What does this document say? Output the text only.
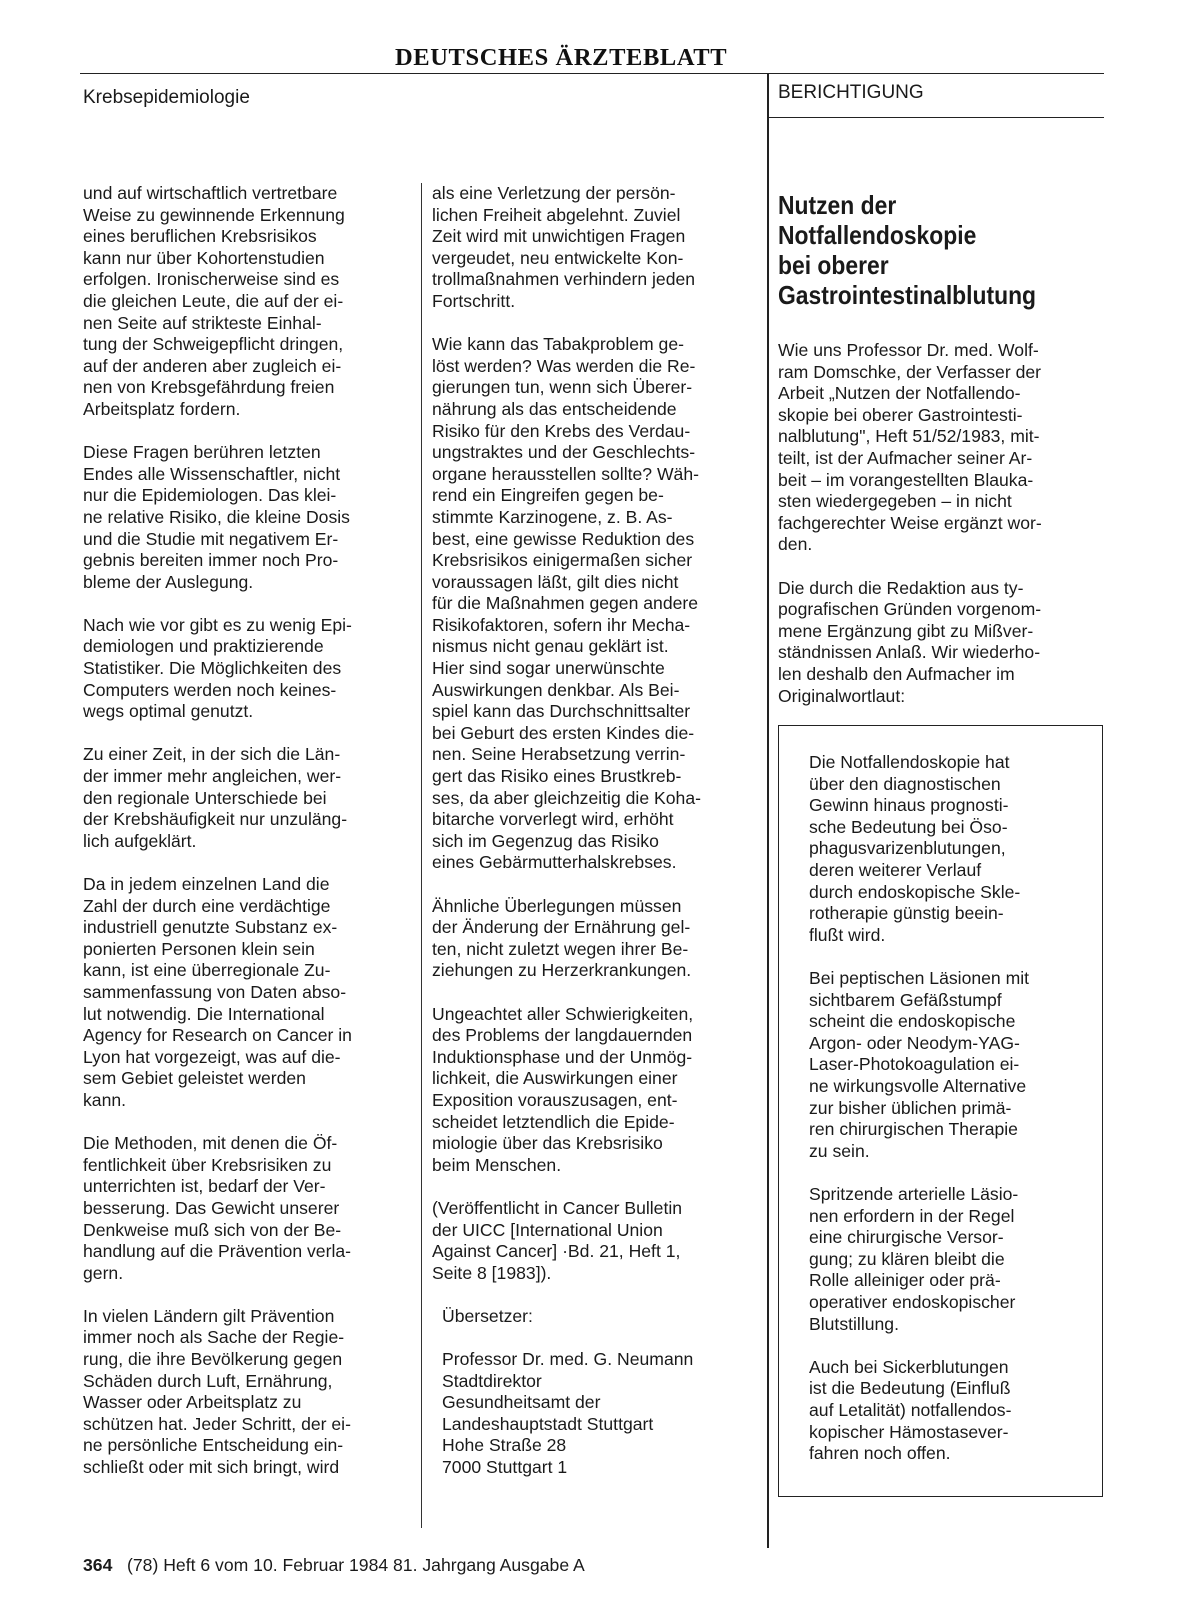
DEUTSCHES ÄRZTEBLATT
Krebsepidemiologie	BERICHTIGUNG

und auf wirtschaftlich vertretbare
Weise zu gewinnende Erkennung
eines beruflichen Krebsrisikos
kann nur über Kohortenstudien
erfolgen. Ironischerweise sind es
die gleichen Leute, die auf der ei-
nen Seite auf strikteste Einhal-
tung der Schweigepflicht dringen,
auf der anderen aber zugleich ei-
nen von Krebsgefährdung freien
Arbeitsplatz fordern.

Diese Fragen berühren letzten
Endes alle Wissenschaftler, nicht
nur die Epidemiologen. Das klei-
ne relative Risiko, die kleine Dosis
und die Studie mit negativem Er-
gebnis bereiten immer noch Pro-
bleme der Auslegung.

Nach wie vor gibt es zu wenig Epi-
demiologen und praktizierende
Statistiker. Die Möglichkeiten des
Computers werden noch keines-
wegs optimal genutzt.

Zu einer Zeit, in der sich die Län-
der immer mehr angleichen, wer-
den regionale Unterschiede bei
der Krebshäufigkeit nur unzuläng-
lich aufgeklärt.

Da in jedem einzelnen Land die
Zahl der durch eine verdächtige
industriell genutzte Substanz ex-
ponierten Personen klein sein
kann, ist eine überregionale Zu-
sammenfassung von Daten abso-
lut notwendig. Die International
Agency for Research on Cancer in
Lyon hat vorgezeigt, was auf die-
sem Gebiet geleistet werden
kann.

Die Methoden, mit denen die Öf-
fentlichkeit über Krebsrisiken zu
unterrichten ist, bedarf der Ver-
besserung. Das Gewicht unserer
Denkweise muß sich von der Be-
handlung auf die Prävention verla-
gern.

In vielen Ländern gilt Prävention
immer noch als Sache der Regie-
rung, die ihre Bevölkerung gegen
Schäden durch Luft, Ernährung,
Wasser oder Arbeitsplatz zu
schützen hat. Jeder Schritt, der ei-
ne persönliche Entscheidung ein-
schließt oder mit sich bringt, wird

als eine Verletzung der persön-
lichen Freiheit abgelehnt. Zuviel
Zeit wird mit unwichtigen Fragen
vergeudet, neu entwickelte Kon-
trollmaßnahmen verhindern jeden
Fortschritt.

Wie kann das Tabakproblem ge-
löst werden? Was werden die Re-
gierungen tun, wenn sich Überer-
nährung als das entscheidende
Risiko für den Krebs des Verdau-
ungstraktes und der Geschlechts-
organe herausstellen sollte? Wäh-
rend ein Eingreifen gegen be-
stimmte Karzinogene, z. B. As-
best, eine gewisse Reduktion des
Krebsrisikos einigermaßen sicher
voraussagen läßt, gilt dies nicht
für die Maßnahmen gegen andere
Risikofaktoren, sofern ihr Mecha-
nismus nicht genau geklärt ist.
Hier sind sogar unerwünschte
Auswirkungen denkbar. Als Bei-
spiel kann das Durchschnittsalter
bei Geburt des ersten Kindes die-
nen. Seine Herabsetzung verrin-
gert das Risiko eines Brustkreb-
ses, da aber gleichzeitig die Koha-
bitarche vorverlegt wird, erhöht
sich im Gegenzug das Risiko
eines Gebärmutterhalskrebses.

Ähnliche Überlegungen müssen
der Änderung der Ernährung gel-
ten, nicht zuletzt wegen ihrer Be-
ziehungen zu Herzerkrankungen.

Ungeachtet aller Schwierigkeiten,
des Problems der langdauernden
Induktionsphase und der Unmög-
lichkeit, die Auswirkungen einer
Exposition vorauszusagen, ent-
scheidet letztendlich die Epide-
miologie über das Krebsrisiko
beim Menschen.

(Veröffentlicht in Cancer Bulletin
der UICC [International Union
Against Cancer] ·Bd. 21, Heft 1,
Seite 8 [1983]).

Übersetzer:

Professor Dr. med. G. Neumann
Stadtdirektor
Gesundheitsamt der
Landeshauptstadt Stuttgart
Hohe Straße 28
7000 Stuttgart 1

Nutzen der
Notfallendoskopie
bei oberer
Gastrointestinalblutung

Wie uns Professor Dr. med. Wolf-
ram Domschke, der Verfasser der
Arbeit „Nutzen der Notfallendo-
skopie bei oberer Gastrointesti-
nalblutung", Heft 51/52/1983, mit-
teilt, ist der Aufmacher seiner Ar-
beit – im vorangestellten Blauka-
sten wiedergegeben – in nicht
fachgerechter Weise ergänzt wor-
den.

Die durch die Redaktion aus ty-
pografischen Gründen vorgenom-
mene Ergänzung gibt zu Mißver-
ständnissen Anlaß. Wir wiederho-
len deshalb den Aufmacher im
Originalwortlaut:

Die Notfallendoskopie hat
über den diagnostischen
Gewinn hinaus prognosti-
sche Bedeutung bei Öso-
phagusvarizenblutungen,
deren weiterer Verlauf
durch endoskopische Skle-
rotherapie günstig beein-
flußt wird.

Bei peptischen Läsionen mit
sichtbarem Gefäßstumpf
scheint die endoskopische
Argon- oder Neodym-YAG-
Laser-Photokoagulation ei-
ne wirkungsvolle Alternative
zur bisher üblichen primä-
ren chirurgischen Therapie
zu sein.

Spritzende arterielle Läsio-
nen erfordern in der Regel
eine chirurgische Versor-
gung; zu klären bleibt die
Rolle alleiniger oder prä-
operativer endoskopischer
Blutstillung.

Auch bei Sickerblutungen
ist die Bedeutung (Einfluß
auf Letalität) notfallendos-
kopischer Hämostasever-
fahren noch offen.

364 (78) Heft 6 vom 10. Februar 1984 81. Jahrgang Ausgabe A
